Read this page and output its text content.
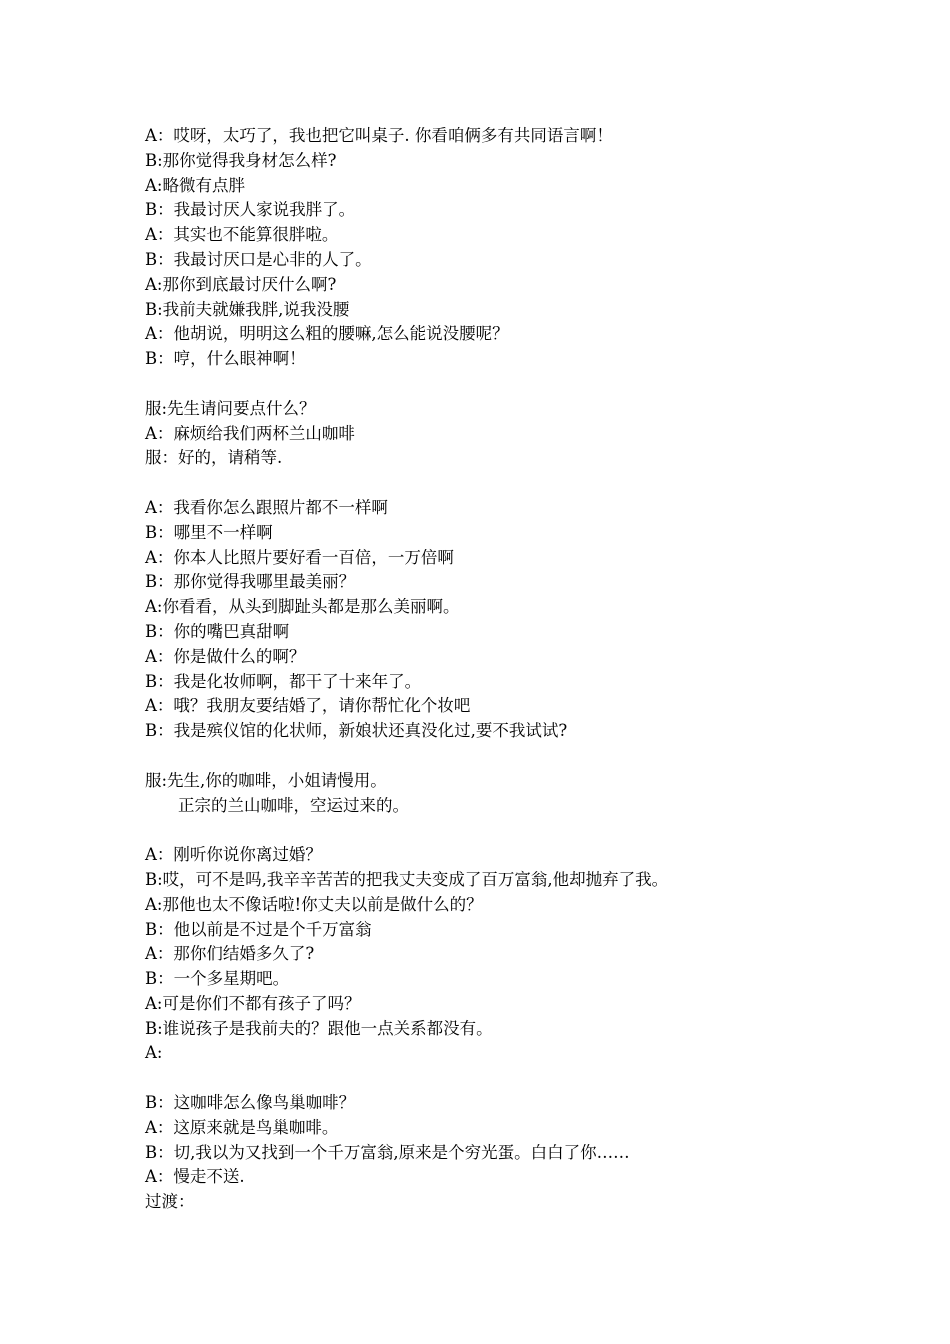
A：哎呀，太巧了，我也把它叫桌子. 你看咱俩多有共同语言啊！
B:那你觉得我身材怎么样?
A:略微有点胖
B：我最讨厌人家说我胖了。
A：其实也不能算很胖啦。
B：我最讨厌口是心非的人了。
A:那你到底最讨厌什么啊?
B:我前夫就嫌我胖,说我没腰
A：他胡说，明明这么粗的腰嘛,怎么能说没腰呢？
B：哼，什么眼神啊！
服:先生请问要点什么？
A：麻烦给我们两杯兰山咖啡
服：好的，请稍等.
A：我看你怎么跟照片都不一样啊
B：哪里不一样啊
A：你本人比照片要好看一百倍，一万倍啊
B：那你觉得我哪里最美丽？
A:你看看，从头到脚趾头都是那么美丽啊。
B：你的嘴巴真甜啊
A：你是做什么的啊？
B：我是化妆师啊，都干了十来年了。
A：哦？我朋友要结婚了，请你帮忙化个妆吧
B：我是殡仪馆的化状师，新娘状还真没化过,要不我试试?
服:先生,你的咖啡，小姐请慢用。
正宗的兰山咖啡，空运过来的。
A：刚听你说你离过婚？
B:哎，可不是吗,我辛辛苦苦的把我丈夫变成了百万富翁,他却抛弃了我。
A:那他也太不像话啦!你丈夫以前是做什么的？
B：他以前是不过是个千万富翁
A：那你们结婚多久了?
B：一个多星期吧。
A:可是你们不都有孩子了吗？
B:谁说孩子是我前夫的？跟他一点关系都没有。
A:
B：这咖啡怎么像鸟巢咖啡？
A：这原来就是鸟巢咖啡。
B：切,我以为又找到一个千万富翁,原来是个穷光蛋。白白了你……
A：慢走不送.
过渡：
